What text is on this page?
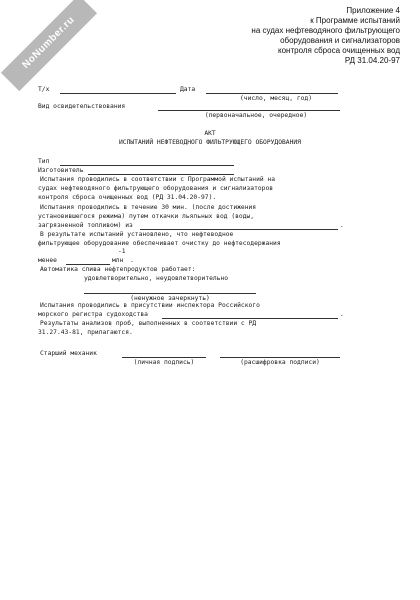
NoNumber.ru
Приложение 4
к Программе испытаний
на судах нефтеводяного фильтрующего
оборудования и сигнализаторов
контроля сброса очищенных вод
РД 31.04.20-97
Т/х	Дата
(число, месяц, год)
Вид освидетельствования
(первоначальное, очередное)
АКТ
ИСПЫТАНИЙ НЕФТЕВОДНОГО ФИЛЬТРУЮЩЕГО ОБОРУДОВАНИЯ
Тип
Изготовитель
Испытания проводились в соответствии с Программой испытаний на
судах нефтеводяного фильтрующего оборудования и сигнализаторов
контроля сброса очищенных вод (РД 31.04.20-97).
Испытания проводились в течение 30 мин. (после достижения
установившегося режима) путем откачки льяльных вод (воды,
загрязненной топливом) из	.
В результате испытаний установлено, что нефтеводное
фильтрующее оборудование обеспечивает очистку до нефтесодержания
-1
менее	млн .
Автоматика слива нефтепродуктов работает:
удовлетворительно, неудовлетворительно
(ненужное зачеркнуть)
Испытания проводились в присутствии инспектора Российского
морского регистра судоходства	.
Результаты анализов проб, выполненных в соответствии с РД
31.27.43-81, прилагаются.
Старший механик
(личная подпись)	(расшифровка подписи)
